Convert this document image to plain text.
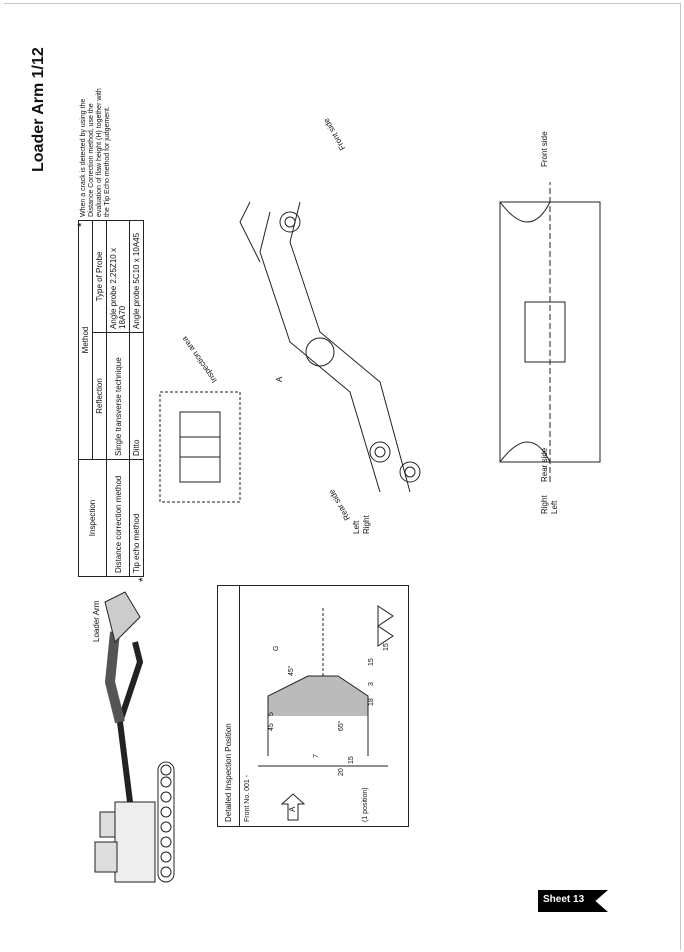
Loader Arm 1/12
*
When a crack is detected by using the Distance Correction method, use the evaluation of flaw height (H) together with the Tip Echo method for judgement.
Inspection	Method	
	Reflection	Type of Probe
Distance correction method	Single transverse technique	Angle probe 2.25Z10 x 18A70
Tip echo method	Ditto	Angle probe 5C10 x 10A45
*
Loader Arm
Detailed Inspection Position	Front No. 001 -	A	(1 position)
45
5
G
45°
7
20
15
65°
18
3
15
15
Inspection area
Front side	Front side
Rear side
Rear side
Left Right
Right Left
A
Sheet 13
